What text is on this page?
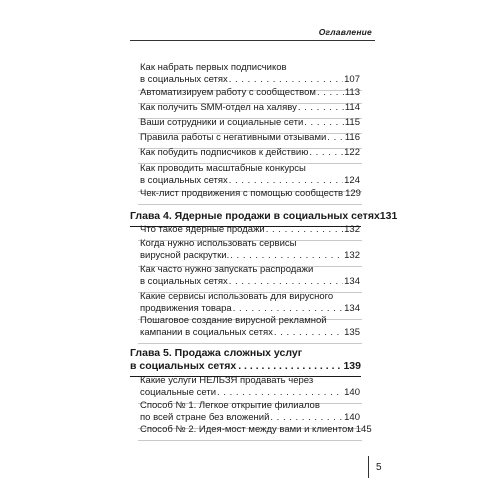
Оглавление
Как набрать первых подписчиков
в социальных сетях . . .	107
Автоматизируем работу с сообществом . . .	113
Как получить SMM-отдел на халяву . . .	114
Ваши сотрудники и социальные сети . . .	115
Правила работы с негативными отзывами . . . 116
Как побудить подписчиков к действию . . .	122
Как проводить масштабные конкурсы
в социальных сетях . . .	124
Чек-лист продвижения с помощью сообществ 129
Глава 4. Ядерные продажи в социальных сетях 131
Что такое ядерные продажи . . .	132
Когда нужно использовать сервисы
вирусной раскрутки. . . .	132
Как часто нужно запускать распродажи
в социальных сетях . . .	134
Какие сервисы использовать для вирусного
продвижения товара . . .	134
Пошаговое создание вирусной рекламной
кампании в социальных сетях . . .	135
Глава 5. Продажа сложных услуг
в социальных сетях . . .	139
Какие услуги НЕЛЬЗЯ продавать через
социальные сети . . .	140
Способ № 1. Легкое открытие филиалов
по всей стране без вложений . . .	140
Способ № 2. Идея-мост между вами и клиентом 145
5
